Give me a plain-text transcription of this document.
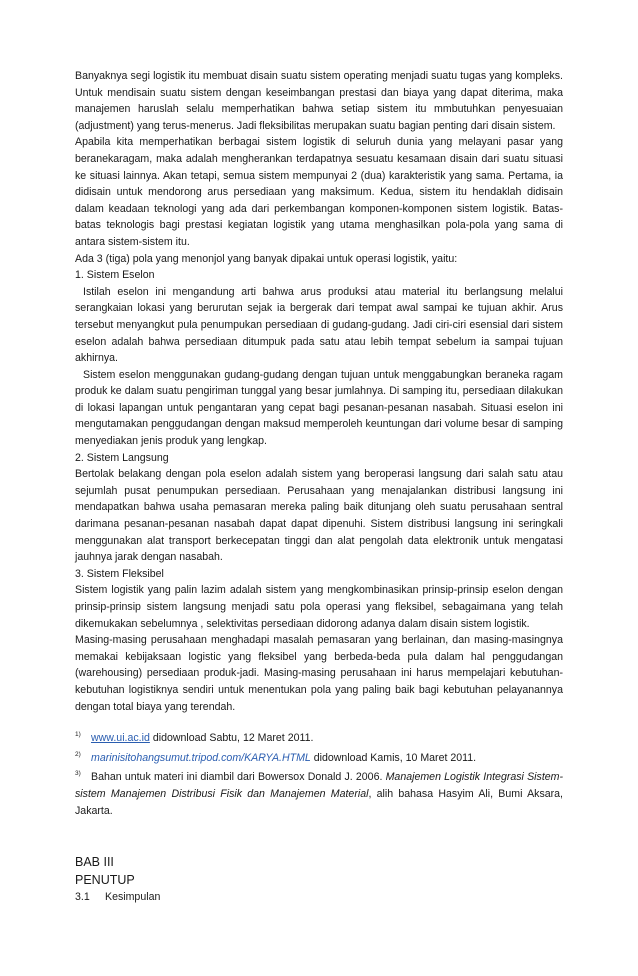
Banyaknya segi logistik itu membuat disain suatu sistem operating menjadi suatu tugas yang kompleks. Untuk mendisain suatu sistem dengan keseimbangan prestasi dan biaya yang dapat diterima, maka manajemen haruslah selalu memperhatikan bahwa setiap sistem itu mmbutuhkan penyesuaian (adjustment) yang terus-menerus. Jadi fleksibilitas merupakan suatu bagian penting dari disain sistem.

Apabila kita memperhatikan berbagai sistem logistik di seluruh dunia yang melayani pasar yang beranekaragam, maka adalah mengherankan terdapatnya sesuatu kesamaan disain dari suatu situasi ke situasi lainnya. Akan tetapi, semua sistem mempunyai 2 (dua) karakteristik yang sama. Pertama, ia didisain untuk mendorong arus persediaan yang maksimum. Kedua, sistem itu hendaklah didisain dalam keadaan teknologi yang ada dari perkembangan komponen-komponen sistem logistik. Batas-batas teknologis bagi prestasi kegiatan logistik yang utama menghasilkan pola-pola yang sama di antara sistem-sistem itu.

Ada 3 (tiga) pola yang menonjol yang banyak dipakai untuk operasi logistik, yaitu:

1. Sistem Eselon

Istilah eselon ini mengandung arti bahwa arus produksi atau material itu berlangsung melalui serangkaian lokasi yang berurutan sejak ia bergerak dari tempat awal sampai ke tujuan akhir. Arus tersebut menyangkut pula penumpukan persediaan di gudang-gudang. Jadi ciri-ciri esensial dari sistem eselon adalah bahwa persediaan ditumpuk pada satu atau lebih tempat sebelum ia sampai tujuan akhirnya.

Sistem eselon menggunakan gudang-gudang dengan tujuan untuk menggabungkan beraneka ragam produk ke dalam suatu pengiriman tunggal yang besar jumlahnya. Di samping itu, persediaan dilakukan di lokasi lapangan untuk pengantaran yang cepat bagi pesanan-pesanan nasabah. Situasi eselon ini mengutamakan penggudangan dengan maksud memperoleh keuntungan dari volume besar di samping menyediakan jenis produk yang lengkap.

2. Sistem Langsung

Bertolak belakang dengan pola eselon adalah sistem yang beroperasi langsung dari salah satu atau sejumlah pusat penumpukan persediaan. Perusahaan yang menajalankan distribusi langsung ini mendapatkan bahwa usaha pemasaran mereka paling baik ditunjang oleh suatu perusahaan sentral darimana pesanan-pesanan nasabah dapat dapat dipenuhi. Sistem distribusi langsung ini seringkali menggunakan alat transport berkecepatan tinggi dan alat pengolah data elektronik untuk mengatasi jauhnya jarak dengan nasabah.

3. Sistem Fleksibel

Sistem logistik yang palin lazim adalah sistem yang mengkombinasikan prinsip-prinsip eselon dengan prinsip-prinsip sistem langsung menjadi satu pola operasi yang fleksibel, sebagaimana yang telah dikemukakan sebelumnya , selektivitas persediaan didorong adanya dalam disain sistem logistik.

Masing-masing perusahaan menghadapi masalah pemasaran yang berlainan, dan masing-masingnya memakai kebijaksaan logistic yang fleksibel yang berbeda-beda pula dalam hal penggudangan (warehousing) persediaan produk-jadi. Masing-masing perusahaan ini harus mempelajari kebutuhan-kebutuhan logistiknya sendiri untuk menentukan pola yang paling baik bagi kebutuhan pelayanannya dengan total biaya yang terendah.

$^{1)}$ www.ui.ac.id didownload Sabtu, 12 Maret 2011.

$^{2)}$ marinisitohangsumut.tripod.com/KARYA.HTML didownload Kamis, 10 Maret 2011.

$^{3)}$ Bahan untuk materi ini diambil dari Bowersox Donald J. 2006. Manajemen Logistik Integrasi Sistem-sistem Manajemen Distribusi Fisik dan Manajemen Material, alih bahasa Hasyim Ali, Bumi Aksara, Jakarta.

BAB III

PENUTUP

3.1 Kesimpulan
